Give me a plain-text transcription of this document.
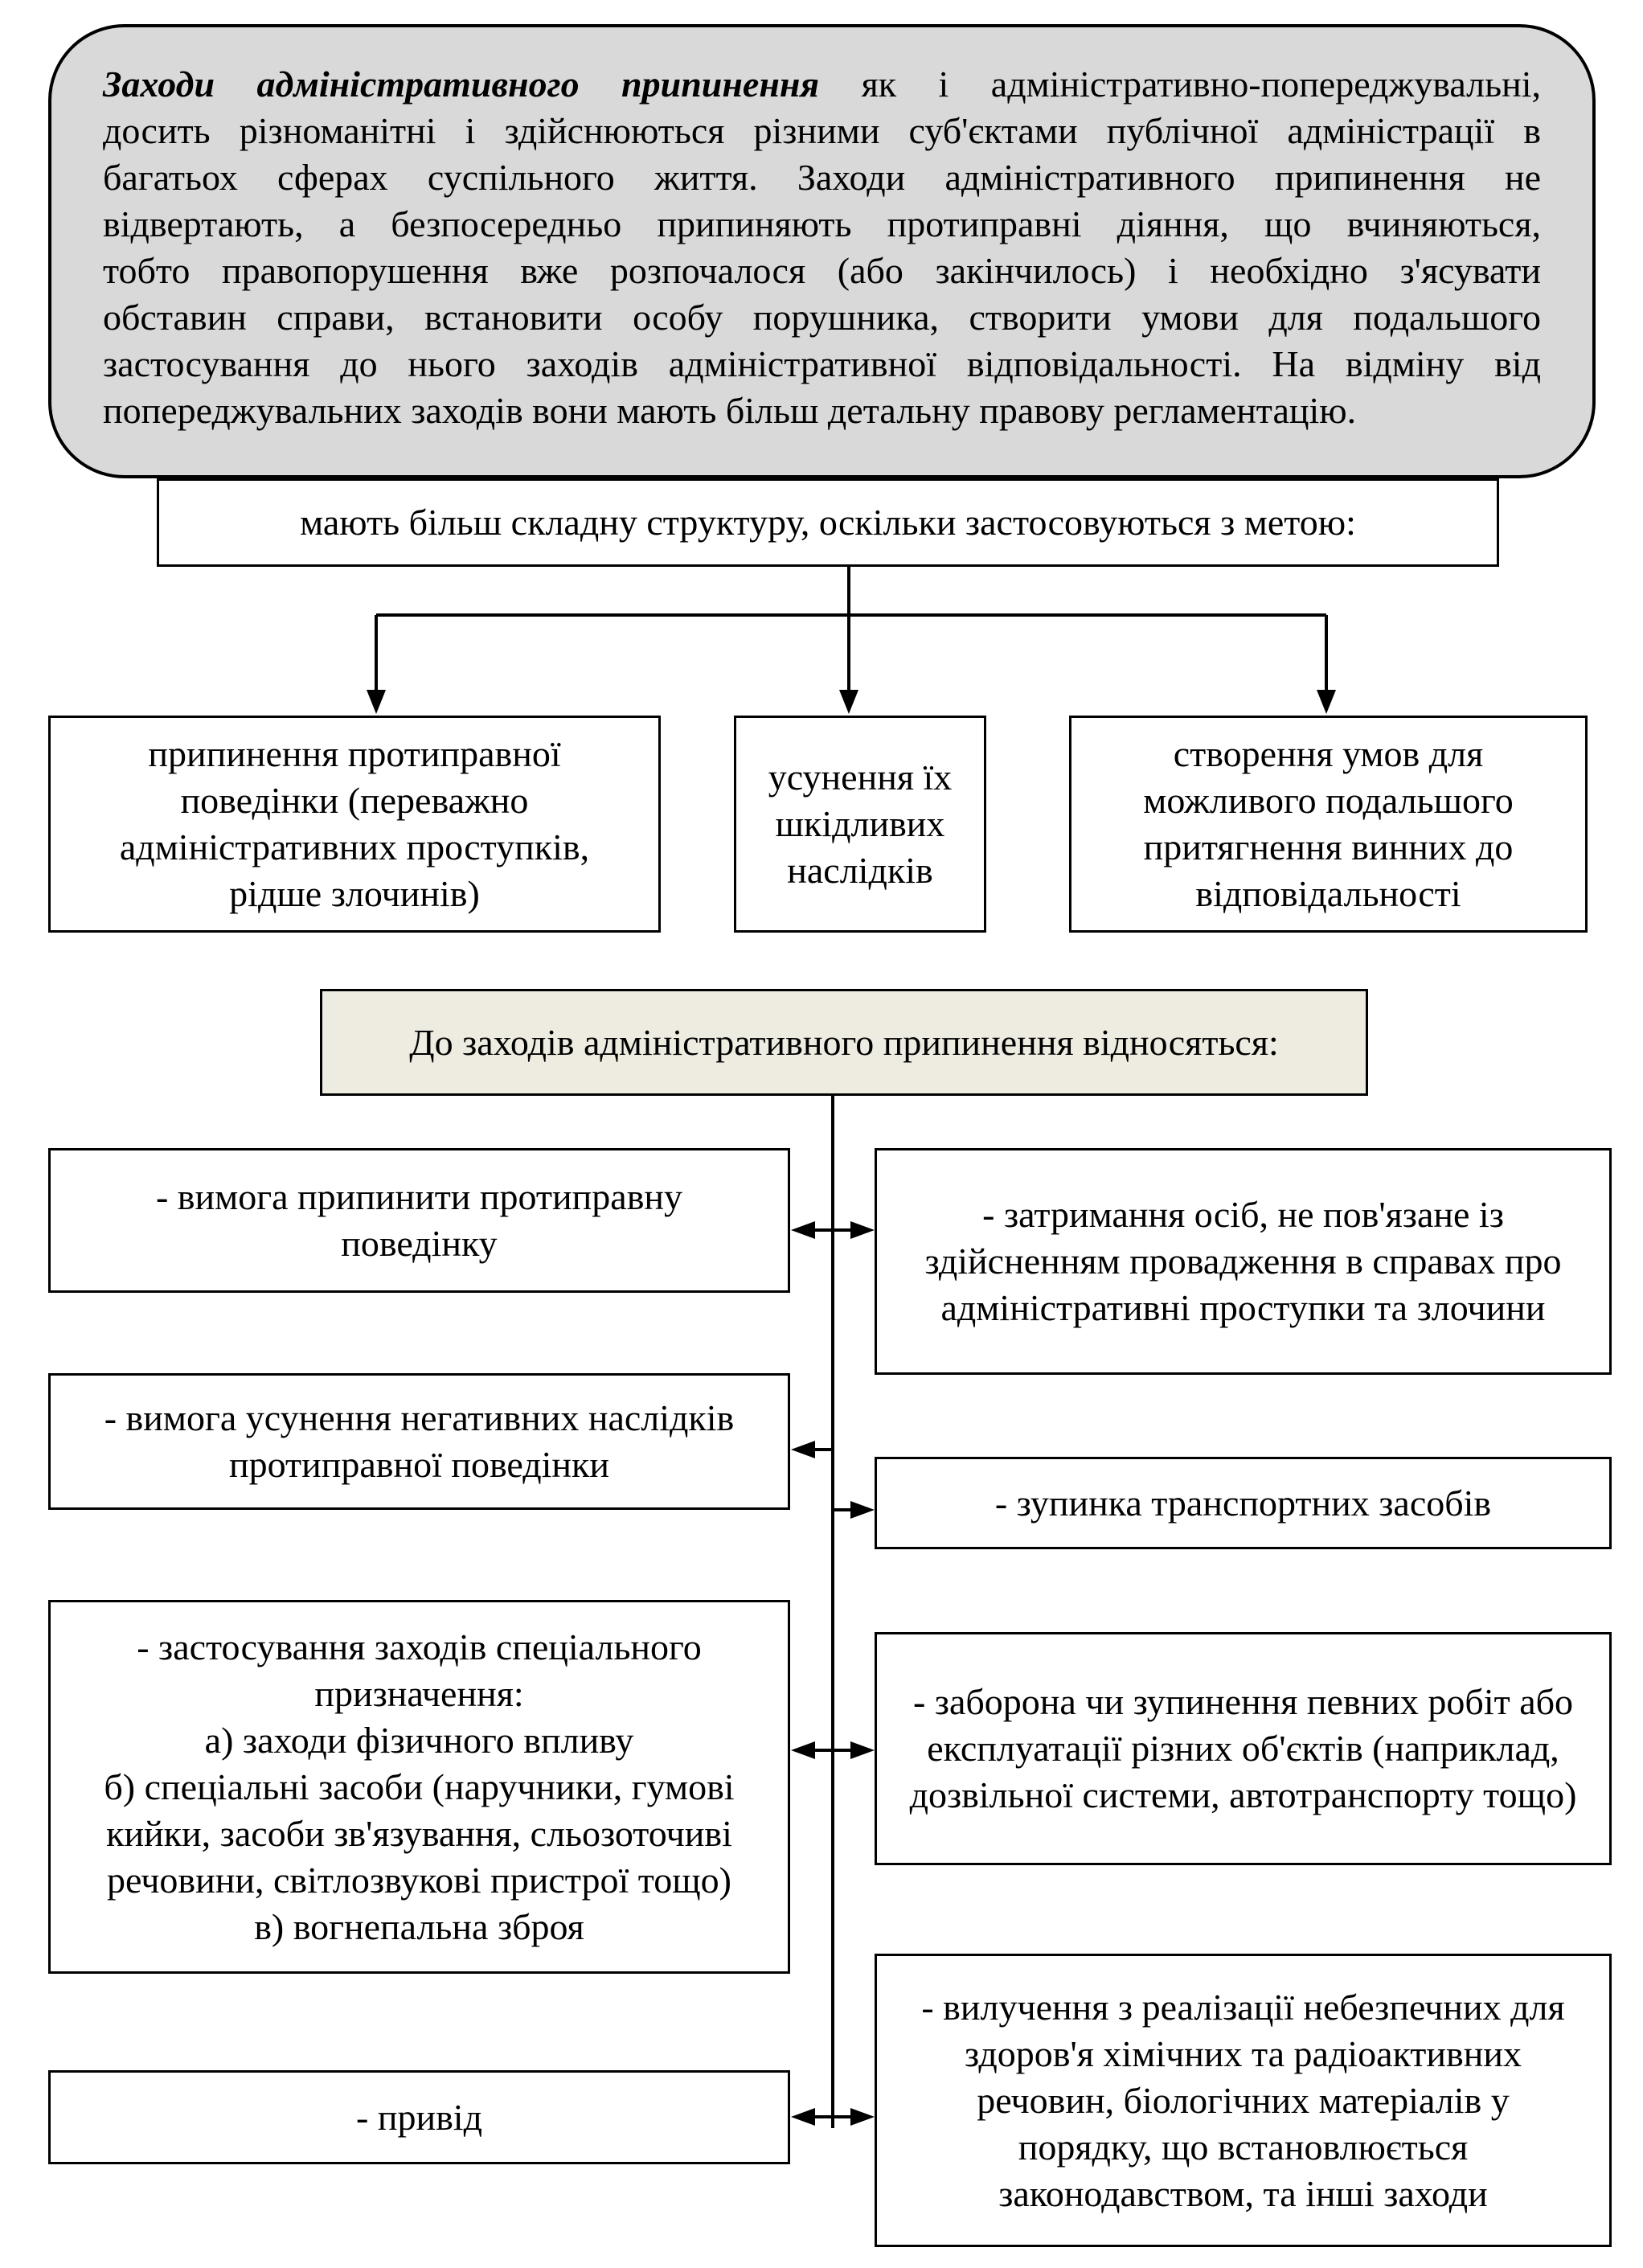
Заходи адміністративного припинення як і адміністративно-попереджувальні,
досить різноманітні і здійснюються різними суб'єктами публічної адміністрації в
багатьох сферах суспільного життя. Заходи адміністративного припинення не
відвертають, а безпосередньо припиняють протиправні діяння, що вчиняються,
тобто правопорушення вже розпочалося (або закінчилось) і необхідно з'ясувати
обставин справи, встановити особу порушника, створити умови для подальшого
застосування до нього заходів адміністративної відповідальності. На відміну від
попереджувальних заходів вони мають більш детальну правову регламентацію.
мають більш складну структуру, оскільки застосовуються з метою:
припинення протиправної поведінки (переважно адміністративних проступків, рідше злочинів)
усунення їх шкідливих наслідків
створення умов для можливого подальшого притягнення винних до відповідальності
До заходів адміністративного припинення відносяться:
- вимога припинити протиправну поведінку
- вимога усунення негативних наслідків протиправної поведінки
- застосування заходів спеціального призначення:
а) заходи фізичного впливу
б) спеціальні засоби (наручники, гумові кийки, засоби зв'язування, сльозоточиві речовини, світлозвукові пристрої тощо)
в) вогнепальна зброя
- привід
- затримання осіб, не пов'язане із здійсненням провадження в справах про адміністративні проступки та злочини
- зупинка транспортних засобів
- заборона чи зупинення певних робіт або експлуатації різних об'єктів (наприклад, дозвільної системи, автотранспорту тощо)
- вилучення з реалізації небезпечних для здоров'я хімічних та радіоактивних речовин, біологічних матеріалів у порядку, що встановлюється законодавством, та інші заходи
